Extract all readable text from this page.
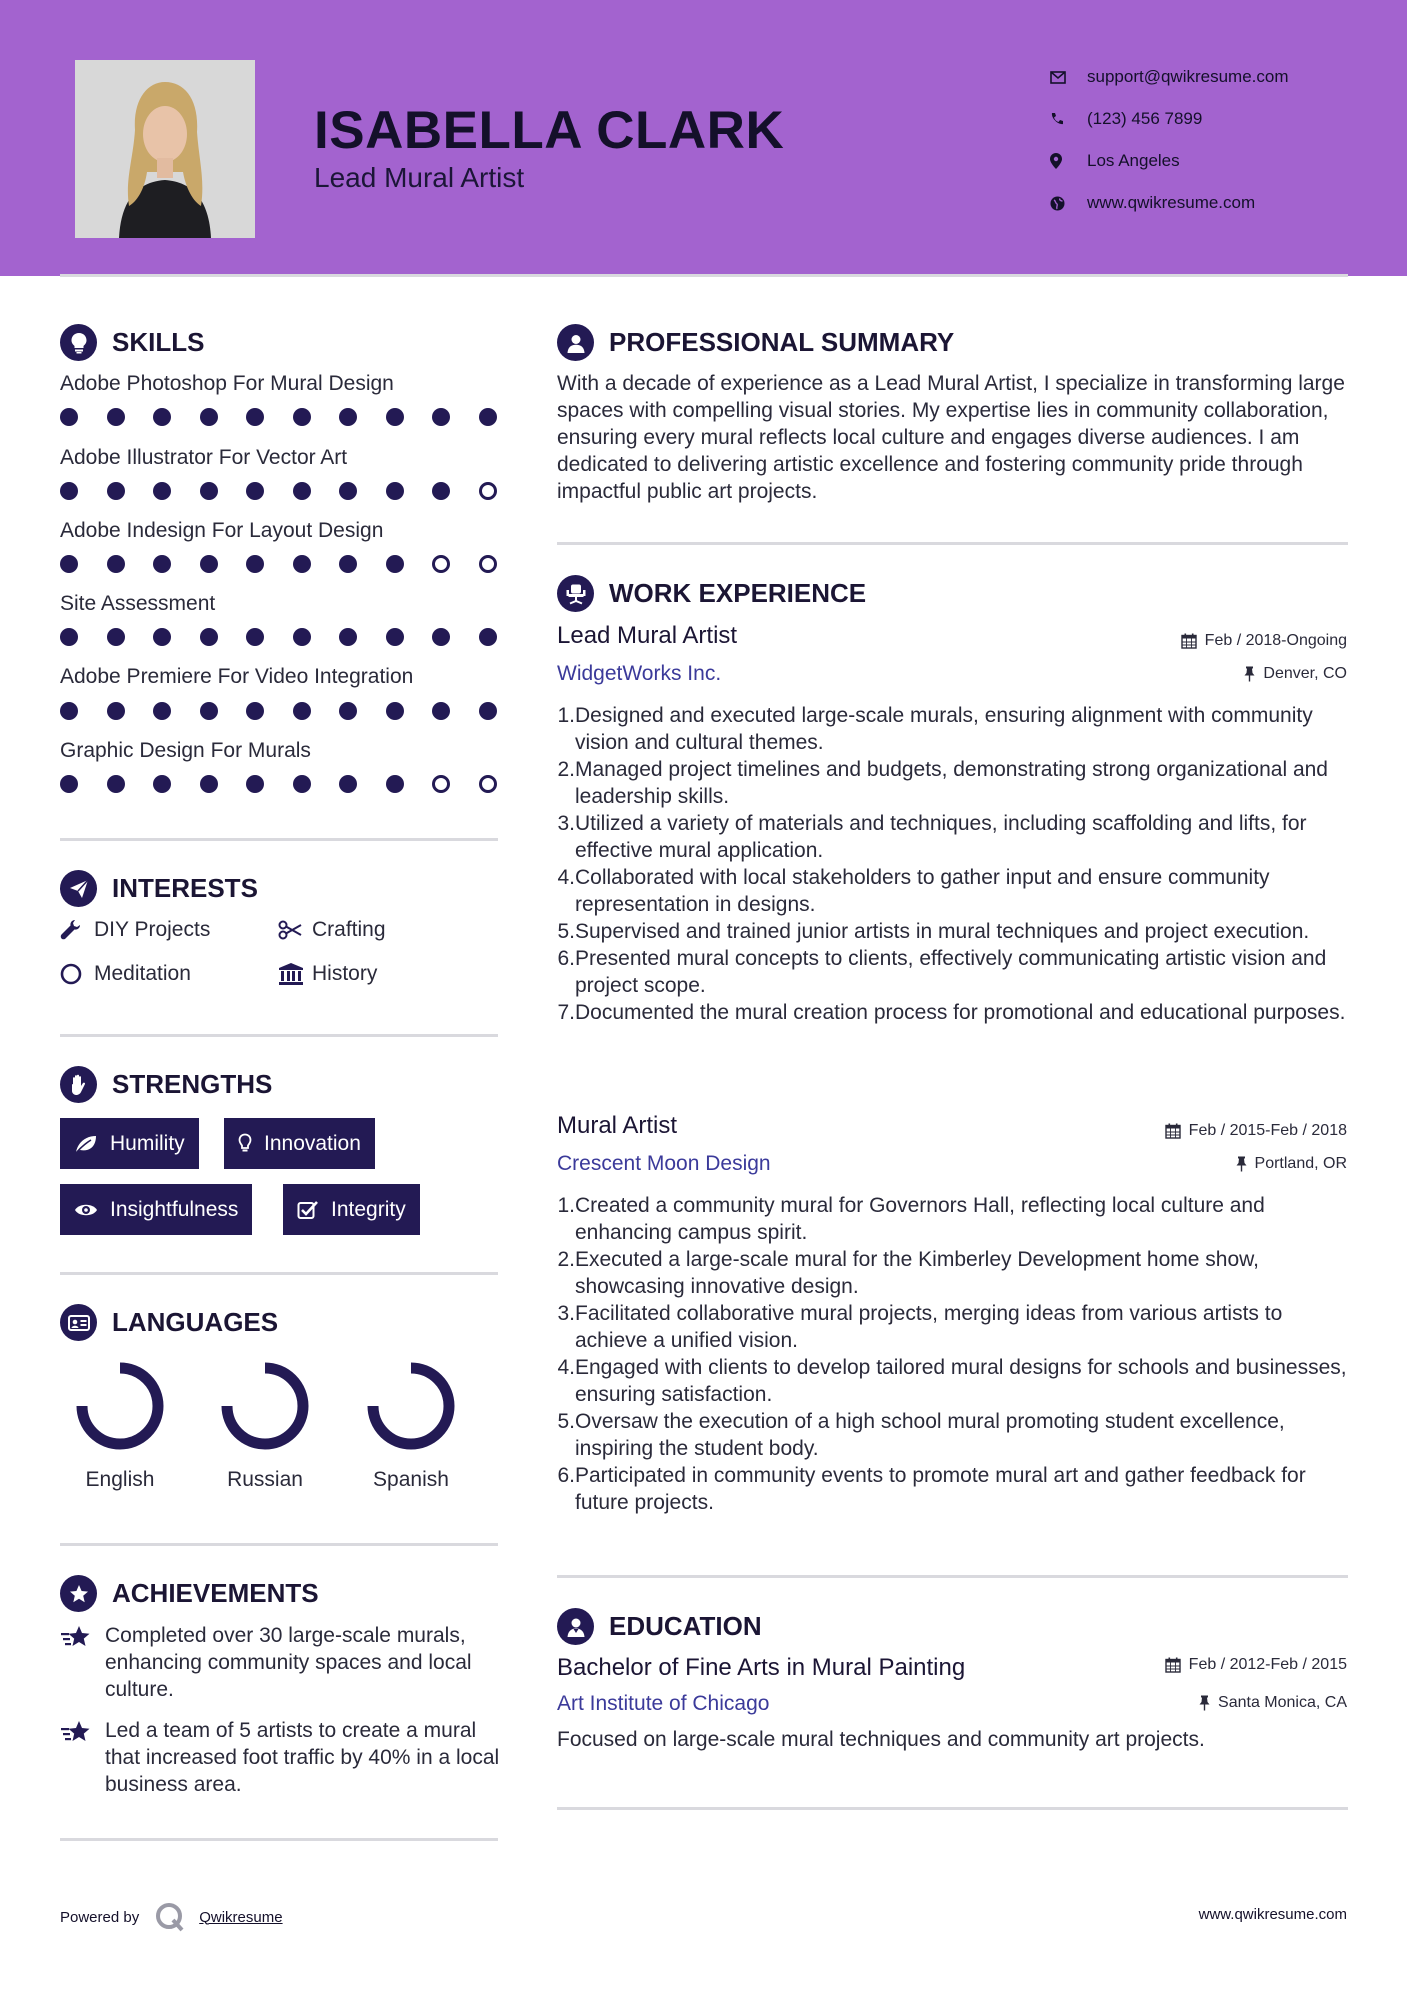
ISABELLA CLARK
Lead Mural Artist
support@qwikresume.com
(123) 456 7899
Los Angeles
www.qwikresume.com
SKILLS
Adobe Photoshop For Mural Design
Adobe Illustrator For Vector Art
Adobe Indesign For Layout Design
Site Assessment
Adobe Premiere For Video Integration
Graphic Design For Murals
INTERESTS
DIY Projects	Crafting
Meditation	History
STRENGTHS
Humility	Innovation
Insightfulness	Integrity
LANGUAGES
English	Russian	Spanish
ACHIEVEMENTS
Completed over 30 large-scale murals, enhancing community spaces and local culture.
Led a team of 5 artists to create a mural that increased foot traffic by 40% in a local business area.
PROFESSIONAL SUMMARY
With a decade of experience as a Lead Mural Artist, I specialize in transforming large spaces with compelling visual stories. My expertise lies in community collaboration, ensuring every mural reflects local culture and engages diverse audiences. I am dedicated to delivering artistic excellence and fostering community pride through impactful public art projects.
WORK EXPERIENCE
Lead Mural Artist	Feb / 2018-Ongoing
WidgetWorks Inc.	Denver, CO
1. Designed and executed large-scale murals, ensuring alignment with community vision and cultural themes.
2. Managed project timelines and budgets, demonstrating strong organizational and leadership skills.
3. Utilized a variety of materials and techniques, including scaffolding and lifts, for effective mural application.
4. Collaborated with local stakeholders to gather input and ensure community representation in designs.
5. Supervised and trained junior artists in mural techniques and project execution.
6. Presented mural concepts to clients, effectively communicating artistic vision and project scope.
7. Documented the mural creation process for promotional and educational purposes.
Mural Artist	Feb / 2015-Feb / 2018
Crescent Moon Design	Portland, OR
1. Created a community mural for Governors Hall, reflecting local culture and enhancing campus spirit.
2. Executed a large-scale mural for the Kimberley Development home show, showcasing innovative design.
3. Facilitated collaborative mural projects, merging ideas from various artists to achieve a unified vision.
4. Engaged with clients to develop tailored mural designs for schools and businesses, ensuring satisfaction.
5. Oversaw the execution of a high school mural promoting student excellence, inspiring the student body.
6. Participated in community events to promote mural art and gather feedback for future projects.
EDUCATION
Bachelor of Fine Arts in Mural Painting	Feb / 2012-Feb / 2015
Art Institute of Chicago	Santa Monica, CA
Focused on large-scale mural techniques and community art projects.
Powered by	Qwikresume	www.qwikresume.com
